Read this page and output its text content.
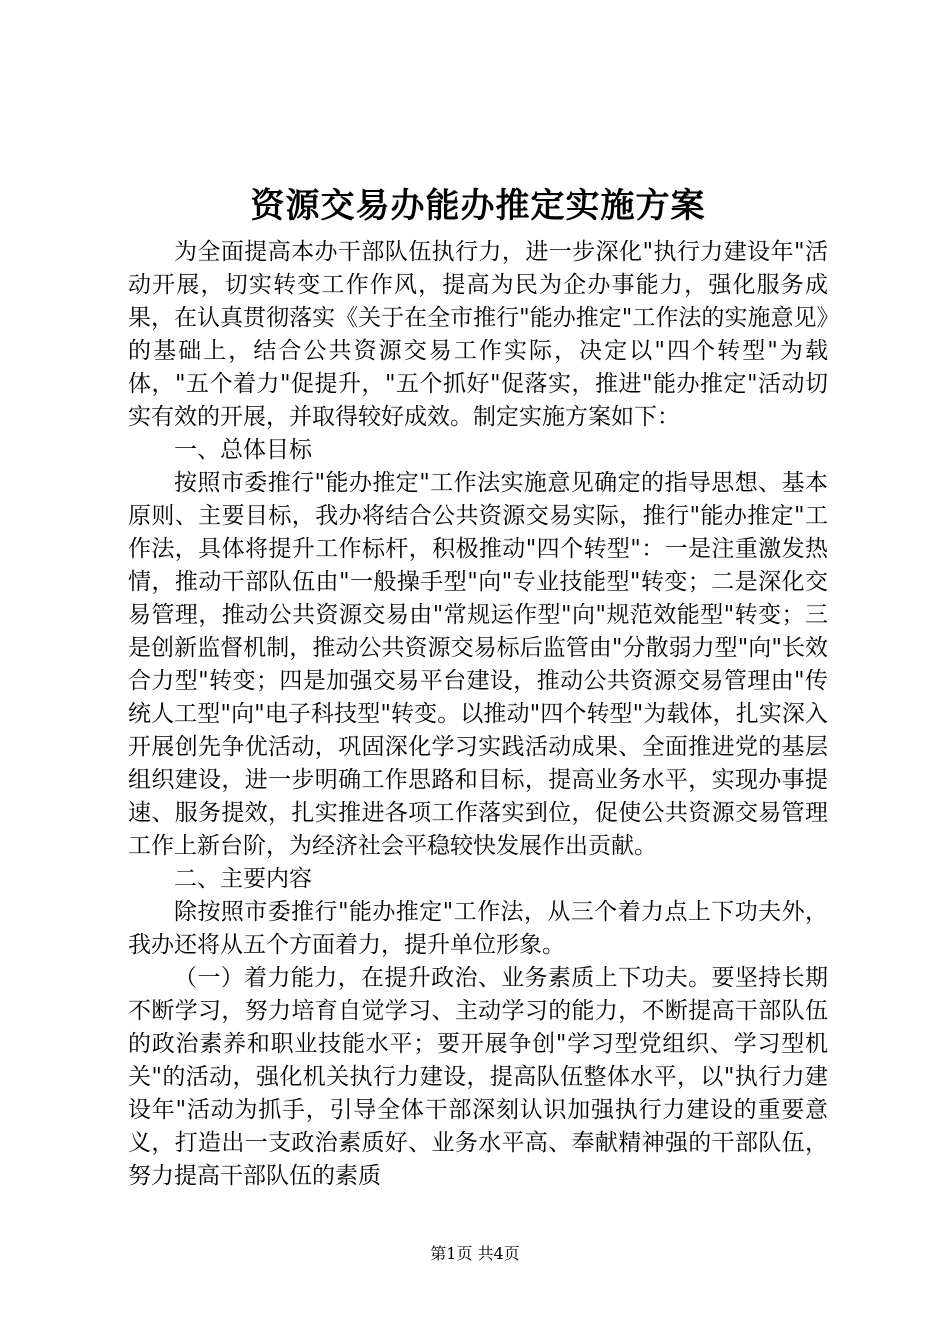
资源交易办能办推定实施方案

为全面提高本办干部队伍执行力，进一步深化"执行力建设年"活动开展，切实转变工作作风，提高为民为企办事能力，强化服务成果，在认真贯彻落实《关于在全市推行"能办推定"工作法的实施意见》的基础上，结合公共资源交易工作实际，决定以"四个转型"为载体，"五个着力"促提升，"五个抓好"促落实，推进"能办推定"活动切实有效的开展，并取得较好成效。制定实施方案如下：

一、总体目标

按照市委推行"能办推定"工作法实施意见确定的指导思想、基本原则、主要目标，我办将结合公共资源交易实际，推行"能办推定"工作法，具体将提升工作标杆，积极推动"四个转型"：一是注重激发热情，推动干部队伍由"一般操手型"向"专业技能型"转变；二是深化交易管理，推动公共资源交易由"常规运作型"向"规范效能型"转变；三是创新监督机制，推动公共资源交易标后监管由"分散弱力型"向"长效合力型"转变；四是加强交易平台建设，推动公共资源交易管理由"传统人工型"向"电子科技型"转变。以推动"四个转型"为载体，扎实深入开展创先争优活动，巩固深化学习实践活动成果、全面推进党的基层组织建设，进一步明确工作思路和目标，提高业务水平，实现办事提速、服务提效，扎实推进各项工作落实到位，促使公共资源交易管理工作上新台阶，为经济社会平稳较快发展作出贡献。

二、主要内容

除按照市委推行"能办推定"工作法，从三个着力点上下功夫外，我办还将从五个方面着力，提升单位形象。

（一）着力能力，在提升政治、业务素质上下功夫。要坚持长期不断学习，努力培育自觉学习、主动学习的能力，不断提高干部队伍的政治素养和职业技能水平；要开展争创"学习型党组织、学习型机关"的活动，强化机关执行力建设，提高队伍整体水平，以"执行力建设年"活动为抓手，引导全体干部深刻认识加强执行力建设的重要意义，打造出一支政治素质好、业务水平高、奉献精神强的干部队伍，努力提高干部队伍的素质

第1页 共4页
